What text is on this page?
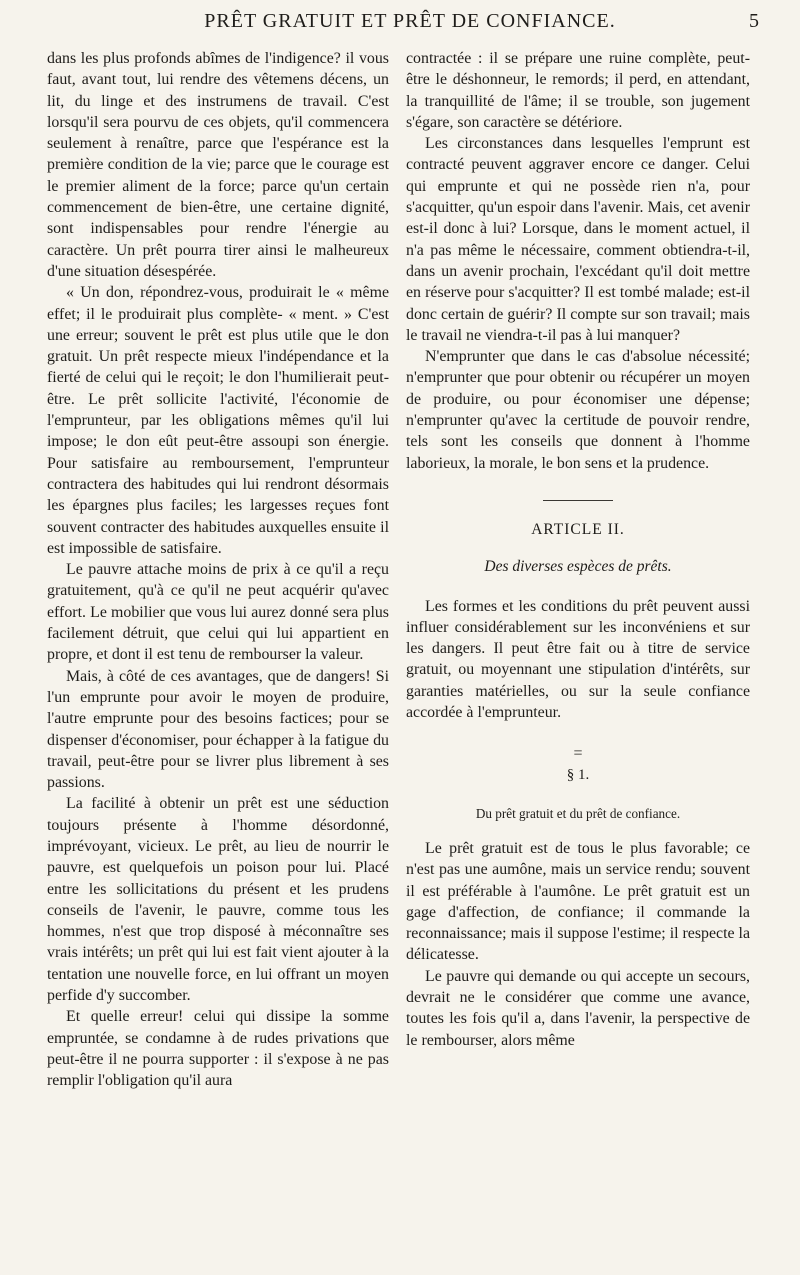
PRÊT GRATUIT ET PRÊT DE CONFIANCE.	5

dans les plus profonds abîmes de l'indigence? il vous faut, avant tout, lui rendre des vêtemens décens, un lit, du linge et des instrumens de travail. C'est lorsqu'il sera pourvu de ces objets, qu'il commencera seulement à renaître, parce que l'espérance est la première condition de la vie; parce que le courage est le premier aliment de la force; parce qu'un certain commencement de bien-être, une certaine dignité, sont indispensables pour rendre l'énergie au caractère. Un prêt pourra tirer ainsi le malheureux d'une situation désespérée.

« Un don, répondrez-vous, produirait le « même effet; il le produirait plus complète- « ment. » C'est une erreur; souvent le prêt est plus utile que le don gratuit. Un prêt respecte mieux l'indépendance et la fierté de celui qui le reçoit; le don l'humilierait peut-être. Le prêt sollicite l'activité, l'économie de l'emprunteur, par les obligations mêmes qu'il lui impose; le don eût peut-être assoupi son énergie. Pour satisfaire au remboursement, l'emprunteur contractera des habitudes qui lui rendront désormais les épargnes plus faciles; les largesses reçues font souvent contracter des habitudes auxquelles ensuite il est impossible de satisfaire.

Le pauvre attache moins de prix à ce qu'il a reçu gratuitement, qu'à ce qu'il ne peut acquérir qu'avec effort. Le mobilier que vous lui aurez donné sera plus facilement détruit, que celui qui lui appartient en propre, et dont il est tenu de rembourser la valeur.

Mais, à côté de ces avantages, que de dangers! Si l'un emprunte pour avoir le moyen de produire, l'autre emprunte pour des besoins factices; pour se dispenser d'économiser, pour échapper à la fatigue du travail, peut-être pour se livrer plus librement à ses passions.

La facilité à obtenir un prêt est une séduction toujours présente à l'homme désordonné, imprévoyant, vicieux. Le prêt, au lieu de nourrir le pauvre, est quelquefois un poison pour lui. Placé entre les sollicitations du présent et les prudens conseils de l'avenir, le pauvre, comme tous les hommes, n'est que trop disposé à méconnaître ses vrais intérêts; un prêt qui lui est fait vient ajouter à la tentation une nouvelle force, en lui offrant un moyen perfide d'y succomber.

Et quelle erreur! celui qui dissipe la somme empruntée, se condamne à de rudes privations que peut-être il ne pourra supporter : il s'expose à ne pas remplir l'obligation qu'il aura

contractée : il se prépare une ruine complète, peut-être le déshonneur, le remords; il perd, en attendant, la tranquillité de l'âme; il se trouble, son jugement s'égare, son caractère se détériore.

Les circonstances dans lesquelles l'emprunt est contracté peuvent aggraver encore ce danger. Celui qui emprunte et qui ne possède rien n'a, pour s'acquitter, qu'un espoir dans l'avenir. Mais, cet avenir est-il donc à lui? Lorsque, dans le moment actuel, il n'a pas même le nécessaire, comment obtiendra-t-il, dans un avenir prochain, l'excédant qu'il doit mettre en réserve pour s'acquitter? Il est tombé malade; est-il donc certain de guérir? Il compte sur son travail; mais le travail ne viendra-t-il pas à lui manquer?

N'emprunter que dans le cas d'absolue nécessité; n'emprunter que pour obtenir ou récupérer un moyen de produire, ou pour économiser une dépense; n'emprunter qu'avec la certitude de pouvoir rendre, tels sont les conseils que donnent à l'homme laborieux, la morale, le bon sens et la prudence.

ARTICLE II.
Des diverses espèces de prêts.

Les formes et les conditions du prêt peuvent aussi influer considérablement sur les inconvéniens et sur les dangers. Il peut être fait ou à titre de service gratuit, ou moyennant une stipulation d'intérêts, sur garanties matérielles, ou sur la seule confiance accordée à l'emprunteur.

=
§ 1.
Du prêt gratuit et du prêt de confiance.

Le prêt gratuit est de tous le plus favorable; ce n'est pas une aumône, mais un service rendu; souvent il est préférable à l'aumône. Le prêt gratuit est un gage d'affection, de confiance; il commande la reconnaissance; mais il suppose l'estime; il respecte la délicatesse.

Le pauvre qui demande ou qui accepte un secours, devrait ne le considérer que comme une avance, toutes les fois qu'il a, dans l'avenir, la perspective de le rembourser, alors même
